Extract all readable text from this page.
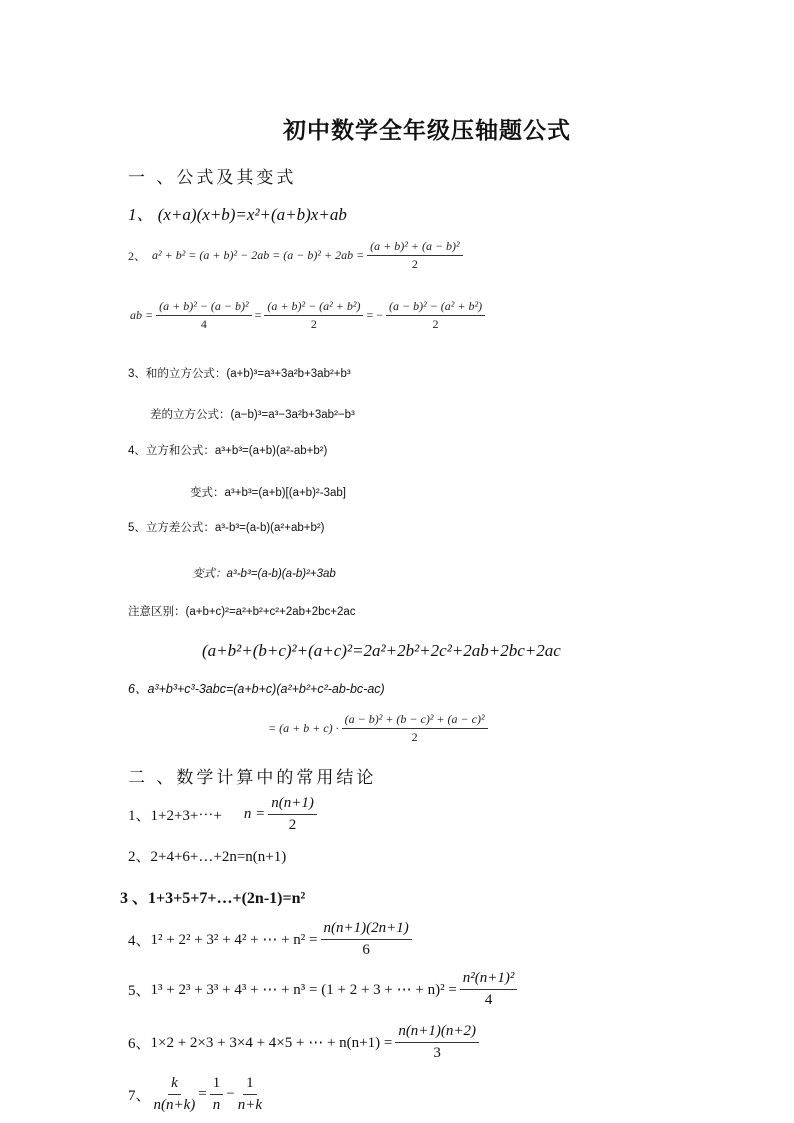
初中数学全年级压轴题公式
一 、公式及其变式
1、 (x+a)(x+b)=x²+(a+b)x+ab
2、 $a^2 + b^2 = (a + b)^2 - 2ab = (a - b)^2 + 2ab = \frac{\text{(a + b)² + (a − b)²}}{2}$
ab = $\frac{\text{(a + b)² − (a − b)²}}{4} = \frac{\text{(a + b)² − (a² + b²)}}{2}$ = − $\frac{\text{(a − b)² − (a² + b²)}}{2}$
3、和的立方公式：(a+b)³=a³+3a²b+3ab²+b³
差的立方公式：(a−b)³=a³−3a²b+3ab²−b³
4、立方和公式：a³+b³=(a+b)(a²-ab+b²)
变式：a³+b³=(a+b)[(a+b)²-3ab]
5、立方差公式：a³-b³=(a-b)(a²+ab+b²)
变式：a³-b³=(a-b)(a-b)²+3ab
注意区别：(a+b+c)²=a²+b²+c²+2ab+2bc+2ac
(a+b²+(b+c)²+(a+c)²=2a²+2b²+2c²+2ab+2bc+2ac
6、a³+b³+c³-3abc=(a+b+c)(a²+b²+c²-ab-bc-ac)
= $(a + b + c) \cdot \frac{\text{(a − b)² + (b − c)² + (a − c)²}}{2}$
二 、数学计算中的常用结论
1、1+2+3+⋯+ $n = \frac{n(n+1)}{2}$
2、2+4+6+…+2n=n(n+1)
3 、1+3+5+7+…+(2n-1)=n²
4、 1² + 2² + 3² + 4² + ⋯ + $n^2 = \frac{n(n+1)(2n+1)}{6}$
5、 1³ + 2³ + 3³ + 4³ + ⋯ + n³ = (1 + 2 + 3 + ⋯ + $n)^2 = \frac{\text{n²(n+1)²}}{4}$
6、 1×2 + 2×3 + 3×4 + 4×5 + ⋯ + $n(n+1) = \frac{n(n+1)(n+2)}{3}$
7、 $\frac{k}{n(n+k)} = \frac{1}{n} - \frac{1}{n+k}$
